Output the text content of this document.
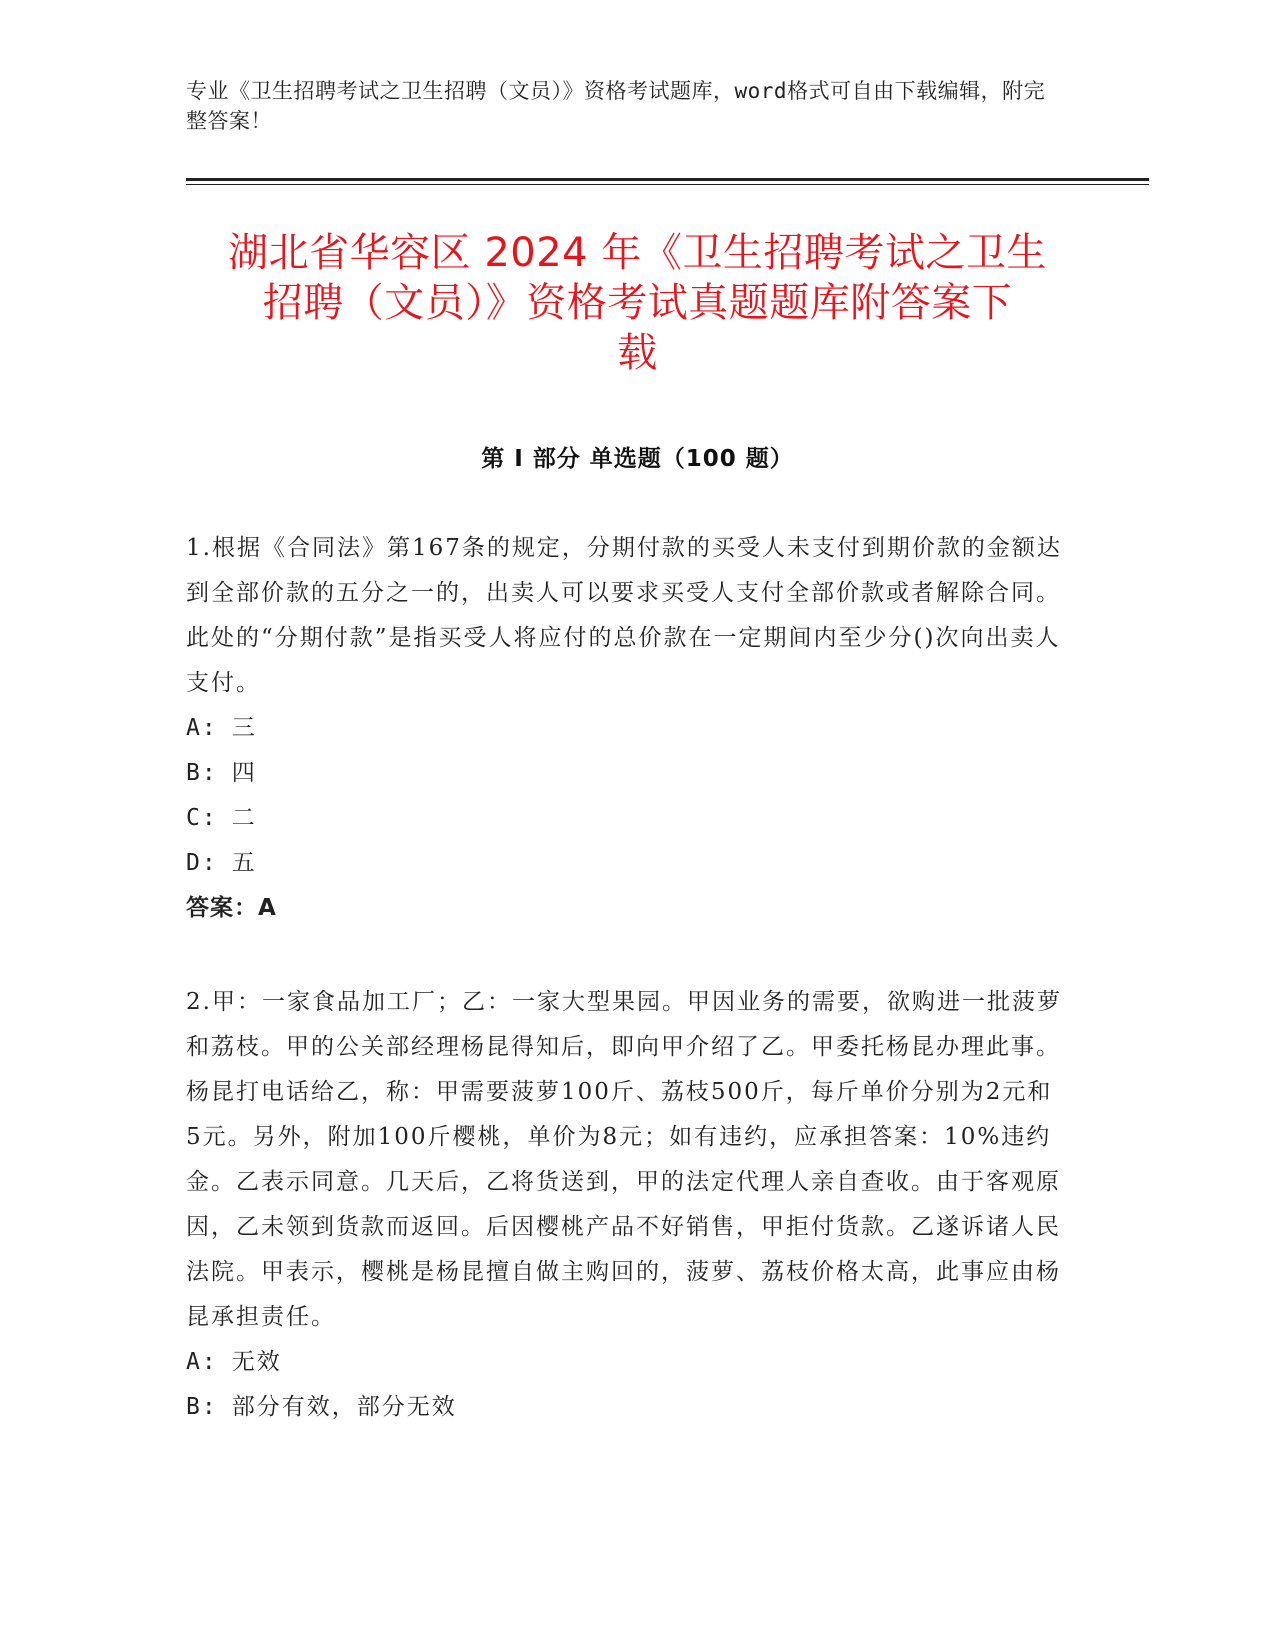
专业《卫生招聘考试之卫生招聘（文员）》资格考试题库，word格式可自由下载编辑，附完整答案！
湖北省华容区 2024 年《卫生招聘考试之卫生
招聘（文员）》资格考试真题题库附答案下
载
第 I 部分 单选题（100 题）

1.根据《合同法》第167条的规定，分期付款的买受人未支付到期价款的金额达到全部价款的五分之一的，出卖人可以要求买受人支付全部价款或者解除合同。此处的“分期付款”是指买受人将应付的总价款在一定期间内至少分()次向出卖人支付。

A: 三

B: 四

C: 二

D: 五

答案：A

2.甲：一家食品加工厂；乙：一家大型果园。甲因业务的需要，欲购进一批菠萝和荔枝。甲的公关部经理杨昆得知后，即向甲介绍了乙。甲委托杨昆办理此事。杨昆打电话给乙，称：甲需要菠萝100斤、荔枝500斤，每斤单价分别为2元和5元。另外，附加100斤樱桃，单价为8元；如有违约，应承担答案：10%违约金。乙表示同意。几天后，乙将货送到，甲的法定代理人亲自查收。由于客观原因，乙未领到货款而返回。后因樱桃产品不好销售，甲拒付货款。乙遂诉诸人民法院。甲表示，樱桃是杨昆擅自做主购回的，菠萝、荔枝价格太高，此事应由杨昆承担责任。

A: 无效

B: 部分有效，部分无效
